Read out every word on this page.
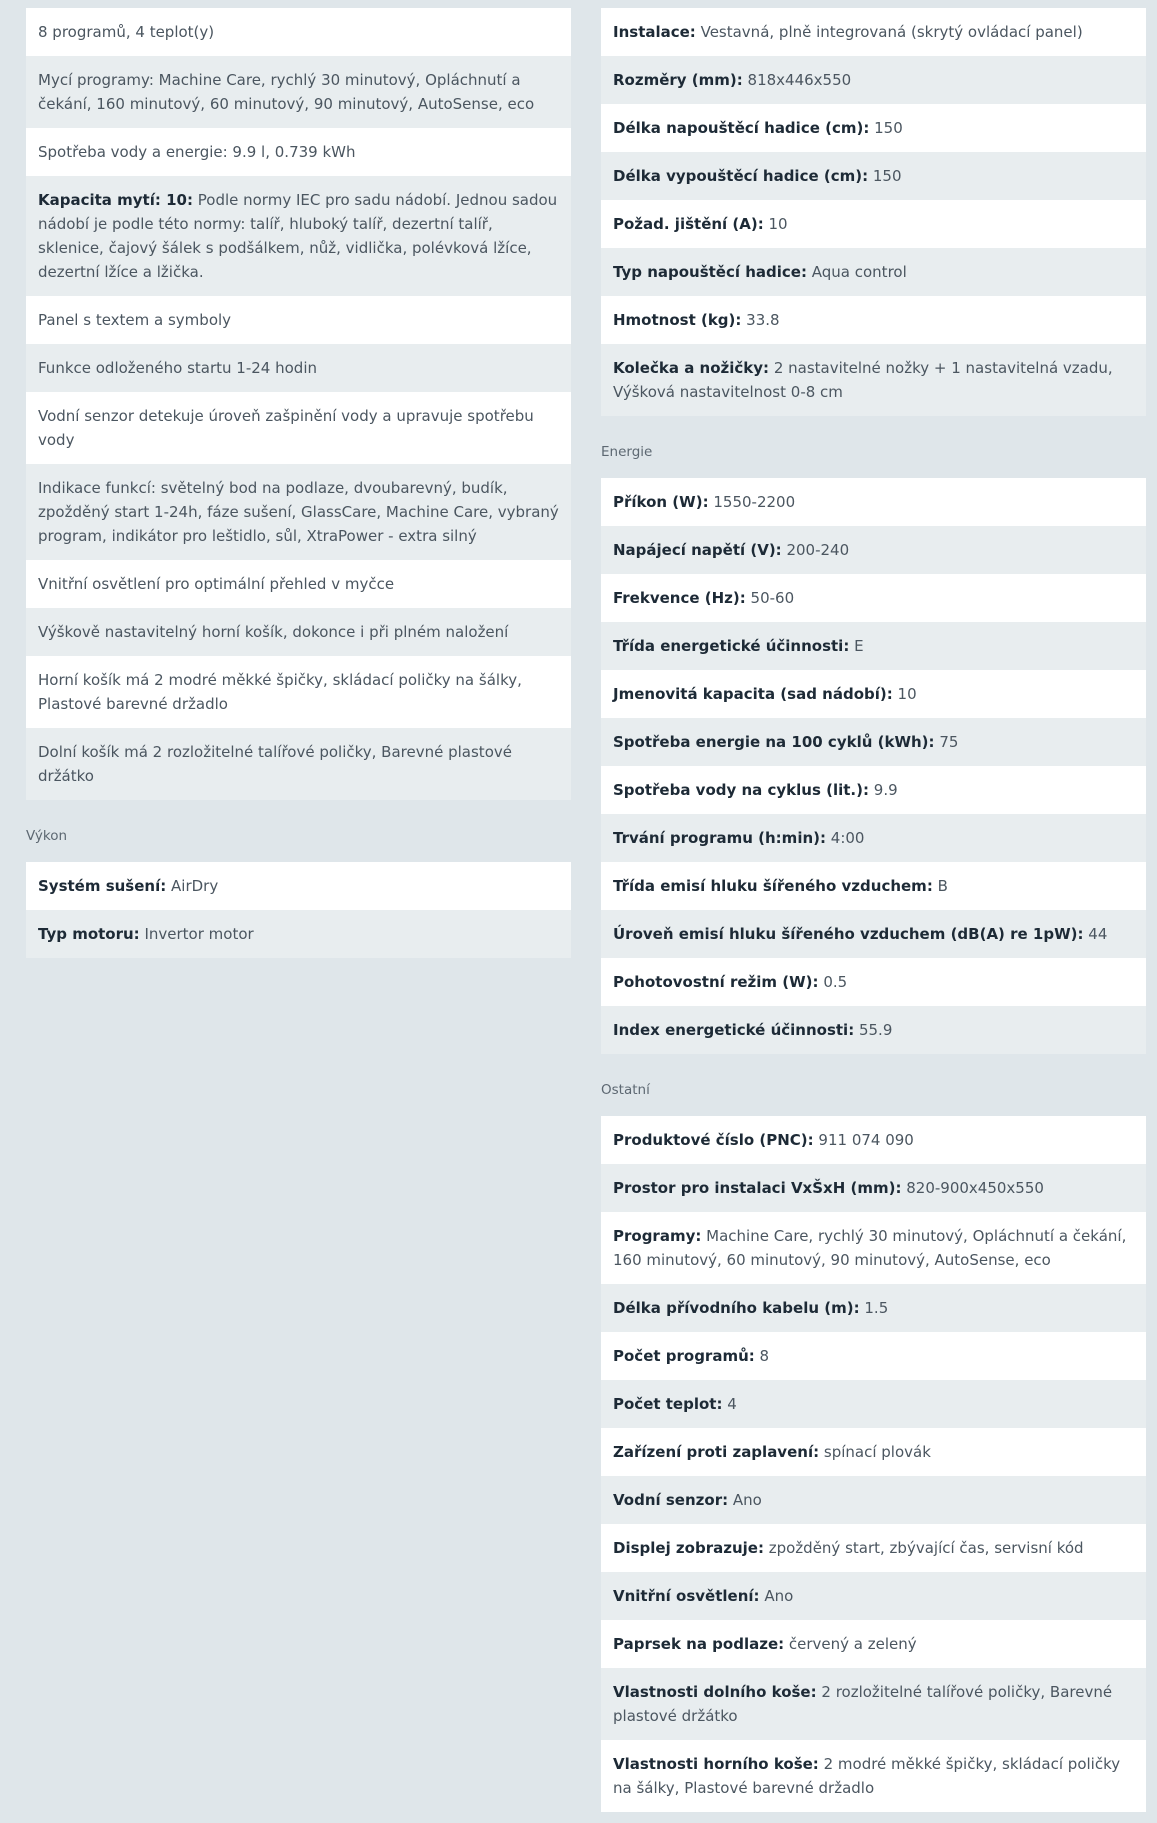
8 programů, 4 teplot(y)
Mycí programy: Machine Care, rychlý 30 minutový, Opláchnutí a čekání, 160 minutový, 60 minutový, 90 minutový, AutoSense, eco
Spotřeba vody a energie: 9.9 l, 0.739 kWh
Kapacita mytí: 10: Podle normy IEC pro sadu nádobí. Jednou sadou nádobí je podle této normy: talíř, hluboký talíř, dezertní talíř, sklenice, čajový šálek s podšálkem, nůž, vidlička, polévková lžíce, dezertní lžíce a lžička.
Panel s textem a symboly
Funkce odloženého startu 1-24 hodin
Vodní senzor detekuje úroveň zašpinění vody a upravuje spotřebu vody
Indikace funkcí: světelný bod na podlaze, dvoubarevný, budík, zpožděný start 1-24h, fáze sušení, GlassCare, Machine Care, vybraný program, indikátor pro leštidlo, sůl, XtraPower - extra silný
Vnitřní osvětlení pro optimální přehled v myčce
Výškově nastavitelný horní košík, dokonce i při plném naložení
Horní košík má 2 modré měkké špičky, skládací poličky na šálky, Plastové barevné držadlo
Dolní košík má 2 rozložitelné talířové poličky, Barevné plastové držátko
Výkon
Systém sušení: AirDry
Typ motoru: Invertor motor
Instalace: Vestavná, plně integrovaná (skrytý ovládací panel)
Rozměry (mm): 818x446x550
Délka napouštěcí hadice (cm): 150
Délka vypouštěcí hadice (cm): 150
Požad. jištění (A): 10
Typ napouštěcí hadice: Aqua control
Hmotnost (kg): 33.8
Kolečka a nožičky: 2 nastavitelné nožky + 1 nastavitelná vzadu, Výšková nastavitelnost 0-8 cm
Energie
Příkon (W): 1550-2200
Napájecí napětí (V): 200-240
Frekvence (Hz): 50-60
Třída energetické účinnosti: E
Jmenovitá kapacita (sad nádobí): 10
Spotřeba energie na 100 cyklů (kWh): 75
Spotřeba vody na cyklus (lit.): 9.9
Trvání programu (h:min): 4:00
Třída emisí hluku šířeného vzduchem: B
Úroveň emisí hluku šířeného vzduchem (dB(A) re 1pW): 44
Pohotovostní režim (W): 0.5
Index energetické účinnosti: 55.9
Ostatní
Produktové číslo (PNC): 911 074 090
Prostor pro instalaci VxŠxH (mm): 820-900x450x550
Programy: Machine Care, rychlý 30 minutový, Opláchnutí a čekání, 160 minutový, 60 minutový, 90 minutový, AutoSense, eco
Délka přívodního kabelu (m): 1.5
Počet programů: 8
Počet teplot: 4
Zařízení proti zaplavení: spínací plovák
Vodní senzor: Ano
Displej zobrazuje: zpožděný start, zbývající čas, servisní kód
Vnitřní osvětlení: Ano
Paprsek na podlaze: červený a zelený
Vlastnosti dolního koše: 2 rozložitelné talířové poličky, Barevné plastové držátko
Vlastnosti horního koše: 2 modré měkké špičky, skládací poličky na šálky, Plastové barevné držadlo
